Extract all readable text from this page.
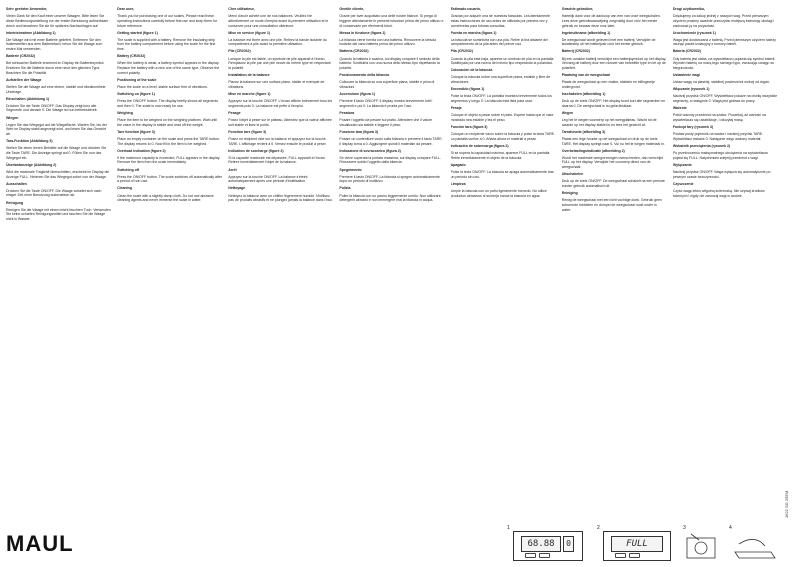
Sehr geehrter Anwender,

Vielen Dank für den Kauf einer unserer Waagen. Bitte lesen Sie diese Bedienungsanleitung vor der ersten Benutzung aufmerksam durch und bewahren Sie sie für späteres Nachschlagen auf.

Inbetriebnahme (Abbildung 1)

Die Waage wird mit einer Batterie geliefert. Entfernen Sie den Isolierstreifen aus dem Batteriefach, bevor Sie die Waage zum ersten Mal verwenden.

Batterie (CR2032)

Bei schwacher Batterie erscheint im Display ein Batteriesymbol. Ersetzen Sie die Batterie durch eine neue des gleichen Typs. Beachten Sie die Polarität.

Aufstellen der Waage

Stellen Sie die Waage auf eine ebene, stabile und vibrationsfreie Unterlage.

Einschalten (Abbildung 1)

Drücken Sie die Taste ON/OFF. Das Display zeigt kurz alle Segmente und danach 0. Die Waage ist nun betriebsbereit.

Wiegen

Legen Sie das Wiegegut auf die Wiegefläche. Warten Sie, bis der Wert im Display stabil angezeigt wird, und lesen Sie das Gewicht ab.

Tara-Funktion (Abbildung 3)

Stellen Sie einen leeren Behälter auf die Waage und drücken Sie die Taste TARE. Die Anzeige springt auf 0. Füllen Sie nun das Wiegegut ein.

Überlastanzeige (Abbildung 2)

Wird die maximale Tragkraft überschritten, erscheint im Display die Anzeige FULL. Nehmen Sie das Wiegegut sofort von der Waage.

Ausschalten

Drücken Sie die Taste ON/OFF. Die Waage schaltet sich nach einiger Zeit ohne Benutzung automatisch ab.

Reinigung

Reinigen Sie die Waage mit einem leicht feuchten Tuch. Verwenden Sie keine scharfen Reinigungsmittel und tauchen Sie die Waage nicht in Wasser.

Dear user,

Thank you for purchasing one of our scales. Please read these operating instructions carefully before first use and keep them for future reference.

Getting started (figure 1)

The scale is supplied with a battery. Remove the insulating strip from the battery compartment before using the scale for the first time.

Battery (CR2032)

When the battery is weak, a battery symbol appears in the display. Replace the battery with a new one of the same type. Observe the correct polarity.

Positioning of the scale

Place the scale on a level, stable surface free of vibrations.

Switching on (figure 1)

Press the ON/OFF button. The display briefly shows all segments and then 0. The scale is now ready for use.

Weighing

Place the item to be weighed on the weighing platform. Wait until the value in the display is stable and read off the weight.

Tare function (figure 3)

Place an empty container on the scale and press the TARE button. The display returns to 0. Now fill in the item to be weighed.

Overload indication (figure 2)

If the maximum capacity is exceeded, FULL appears in the display. Remove the item from the scale immediately.

Switching off

Press the ON/OFF button. The scale switches off automatically after a period of non-use.

Cleaning

Clean the scale with a slightly damp cloth. Do not use abrasive cleaning agents and never immerse the scale in water.

Cher utilisateur,

Merci d'avoir acheté une de nos balances. Veuillez lire attentivement ce mode d'emploi avant la première utilisation et le conserver pour une consultation ultérieure.

Mise en service (figure 1)

La balance est livrée avec une pile. Retirez la bande isolante du compartiment à pile avant la première utilisation.

Pile (CR2032)

Lorsque la pile est faible, un symbole de pile apparaît à l'écran. Remplacez la pile par une pile neuve du même type en respectant la polarité.

Installation de la balance

Placez la balance sur une surface plane, stable et exempte de vibrations.

Mise en marche (figure 1)

Appuyez sur la touche ON/OFF. L'écran affiche brièvement tous les segments puis 0. La balance est prête à l'emploi.

Pesage

Posez l'objet à peser sur le plateau. Attendez que la valeur affichée soit stable et lisez le poids.

Fonction tare (figure 3)

Posez un récipient vide sur la balance et appuyez sur la touche TARE. L'affichage revient à 0. Versez ensuite le produit à peser.

Indication de surcharge (figure 2)

Si la capacité maximale est dépassée, FULL apparaît à l'écran. Retirez immédiatement l'objet de la balance.

Arrêt

Appuyez sur la touche ON/OFF. La balance s'éteint automatiquement après une période d'inutilisation.

Nettoyage

Nettoyez la balance avec un chiffon légèrement humide. N'utilisez pas de produits abrasifs et ne plongez jamais la balance dans l'eau.

Gentile cliente,

Grazie per aver acquistato una delle nostre bilance. Si prega di leggere attentamente le presenti istruzioni prima del primo utilizzo e di conservarle per riferimenti futuri.

Messa in funzione (figura 1)

La bilancia viene fornita con una batteria. Rimuovere la striscia isolante dal vano batteria prima del primo utilizzo.

Batteria (CR2032)

Quando la batteria è scarica, sul display compare il simbolo della batteria. Sostituirla con una nuova dello stesso tipo rispettando la polarità.

Posizionamento della bilancia

Collocare la bilancia su una superficie piana, stabile e priva di vibrazioni.

Accensione (figura 1)

Premere il tasto ON/OFF. Il display mostra brevemente tutti i segmenti e poi 0. La bilancia è pronta per l'uso.

Pesatura

Posare l'oggetto da pesare sul piatto. Attendere che il valore visualizzato sia stabile e leggere il peso.

Funzione tara (figura 3)

Posare un contenitore vuoto sulla bilancia e premere il tasto TARE. Il display torna a 0. Aggiungere quindi il materiale da pesare.

Indicazione di sovraccarico (figura 2)

Se viene superata la portata massima, sul display compare FULL. Rimuovere subito l'oggetto dalla bilancia.

Spegnimento

Premere il tasto ON/OFF. La bilancia si spegne automaticamente dopo un periodo di inutilizzo.

Pulizia

Pulire la bilancia con un panno leggermente umido. Non utilizzare detergenti abrasivi e non immergere mai la bilancia in acqua.

Estimado usuario,

Gracias por adquirir una de nuestras básculas. Lea atentamente estas instrucciones de uso antes de utilizarla por primera vez y consérvelas para futuras consultas.

Puesta en marcha (figura 1)

La báscula se suministra con una pila. Retire la tira aislante del compartimento de la pila antes del primer uso.

Pila (CR2032)

Cuando la pila está baja, aparece un símbolo de pila en la pantalla. Sustitúyala por una nueva del mismo tipo respetando la polaridad.

Colocación de la báscula

Coloque la báscula sobre una superficie plana, estable y libre de vibraciones.

Encendido (figura 1)

Pulse la tecla ON/OFF. La pantalla muestra brevemente todos los segmentos y luego 0. La báscula está lista para usar.

Pesaje

Coloque el objeto a pesar sobre el plato. Espere hasta que el valor mostrado sea estable y lea el peso.

Función tara (figura 3)

Coloque un recipiente vacío sobre la báscula y pulse la tecla TARE. La pantalla vuelve a 0. Añada ahora el material a pesar.

Indicación de sobrecarga (figura 2)

Si se supera la capacidad máxima, aparece FULL en la pantalla. Retire inmediatamente el objeto de la báscula.

Apagado

Pulse la tecla ON/OFF. La báscula se apaga automáticamente tras un periodo sin uso.

Limpieza

Limpie la báscula con un paño ligeramente húmedo. No utilice productos abrasivos ni sumerja nunca la báscula en agua.

Geachte gebruiker,

Hartelijk dank voor de aankoop van een van onze weegschalen. Lees deze gebruiksaanwijzing zorgvuldig door vóór het eerste gebruik en bewaar deze voor later.

Ingebruikname (afbeelding 1)

De weegschaal wordt geleverd met een batterij. Verwijder de isolatiestrip uit het batterijvak vóór het eerste gebruik.

Batterij (CR2032)

Bij een zwakke batterij verschijnt een batterijsymbool op het display. Vervang de batterij door een nieuwe van hetzelfde type en let op de polariteit.

Plaatsing van de weegschaal

Plaats de weegschaal op een vlakke, stabiele en trillingsvrije ondergrond.

Inschakelen (afbeelding 1)

Druk op de toets ON/OFF. Het display toont kort alle segmenten en daarna 0. De weegschaal is nu gebruiksklaar.

Wegen

Leg het te wegen voorwerp op het weegplateau. Wacht tot de waarde op het display stabiel is en lees het gewicht af.

Tarrafunctie (afbeelding 3)

Plaats een lege houder op de weegschaal en druk op de toets TARE. Het display springt naar 0. Vul nu het te wegen materiaal in.

Overbelastingsindicatie (afbeelding 2)

Wordt het maximale weegvermogen overschreden, dan verschijnt FULL op het display. Verwijder het voorwerp direct van de weegschaal.

Uitschakelen

Druk op de toets ON/OFF. De weegschaal schakelt na een periode zonder gebruik automatisch uit.

Reiniging

Reinig de weegschaal met een licht vochtige doek. Gebruik geen schurende middelen en dompel de weegschaal nooit onder in water.

Drogi użytkowniku,

Dziękujemy za zakup jednej z naszych wag. Przed pierwszym użyciem prosimy uważnie przeczytać niniejszą instrukcję obsługi i zachować ją na przyszłość.

Uruchomienie (rysunek 1)

Waga jest dostarczana z baterią. Przed pierwszym użyciem należy usunąć pasek izolacyjny z komory baterii.

Bateria (CR2032)

Gdy bateria jest słaba, na wyświetlaczu pojawia się symbol baterii. Wymień baterię na nową tego samego typu, zwracając uwagę na biegunowość.

Ustawienie wagi

Ustaw wagę na płaskiej, stabilnej powierzchni wolnej od drgań.

Włączanie (rysunek 1)

Naciśnij przycisk ON/OFF. Wyświetlacz pokaże na chwilę wszystkie segmenty, a następnie 0. Waga jest gotowa do pracy.

Ważenie

Połóż ważony przedmiot na szalce. Poczekaj, aż wartość na wyświetlaczu się ustabilizuje, i odczytaj masę.

Funkcja tary (rysunek 3)

Postaw pusty pojemnik na wadze i naciśnij przycisk TARE. Wyświetlacz wskaże 0. Następnie wsyp ważony materiał.

Wskaźnik przeciążenia (rysunek 2)

Po przekroczeniu maksymalnego obciążenia na wyświetlaczu pojawi się FULL. Natychmiast zdejmij przedmiot z wagi.

Wyłączanie

Naciśnij przycisk ON/OFF. Waga wyłącza się automatycznie po pewnym czasie bezczynności.

Czyszczenie

Czyść wagę lekko wilgotną ściereczką. Nie używaj środków ściernych i nigdy nie zanurzaj wagi w wodzie.

MAUL
1622 SG 25EM
1
68.88	0
2
FULL
3	4
